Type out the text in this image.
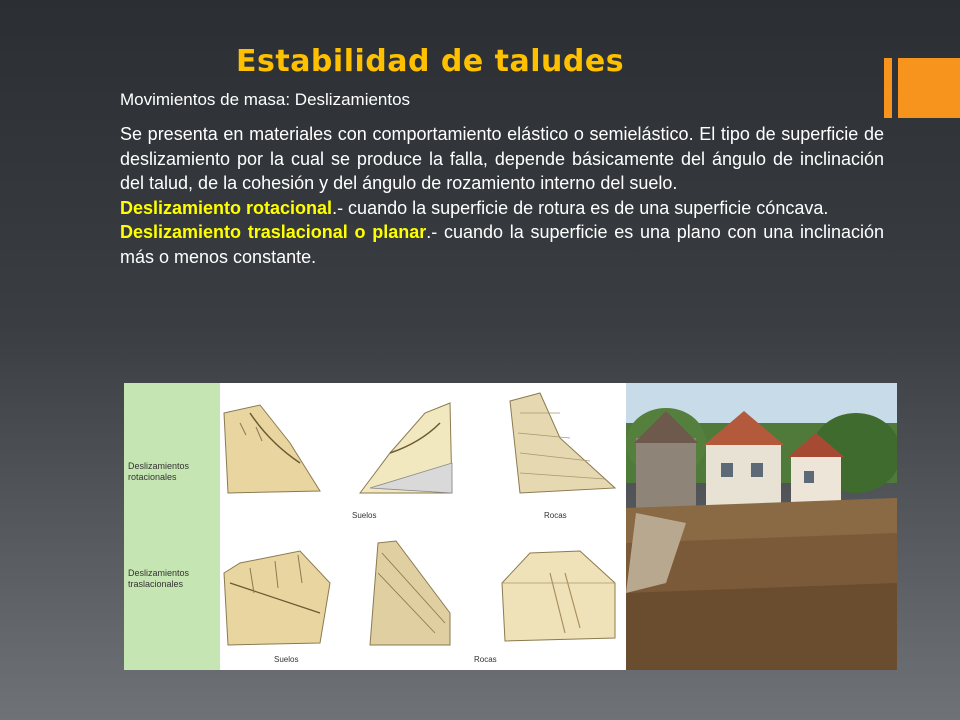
Estabilidad de taludes
Movimientos de masa: Deslizamientos

Se presenta en materiales con comportamiento elástico o semielástico. El tipo de superficie de deslizamiento por la cual se produce la falla, depende básicamente del ángulo de inclinación del talud, de la cohesión y del ángulo de rozamiento interno del suelo.

Deslizamiento rotacional.- cuando la superficie de rotura es de una superficie cóncava.

Deslizamiento traslacional o planar.- cuando la superficie es una plano con una inclinación más o menos constante.

Deslizamientos
rotacionales
Deslizamientos
traslacionales
Suelos	Rocas
Suelos	Rocas
